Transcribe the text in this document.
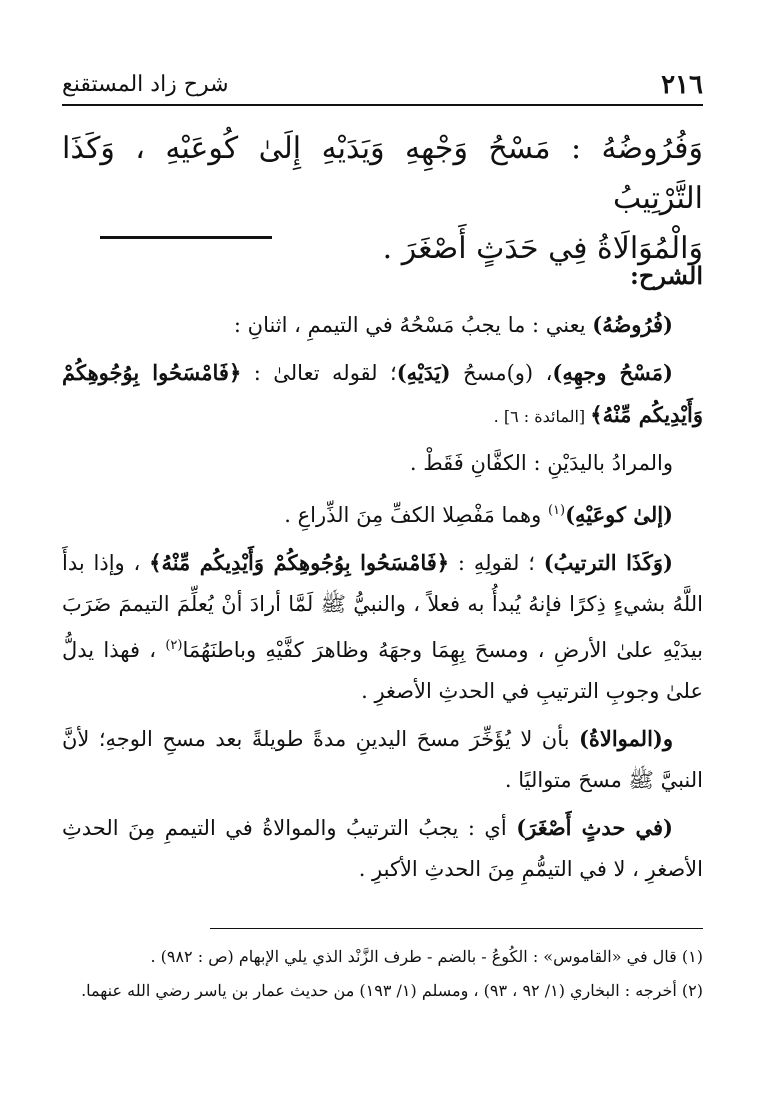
٢١٦
شرح زاد المستقنع

وَفُرُوضُهُ : مَسْحُ وَجْهِهِ وَيَدَيْهِ إِلَىٰ كُوعَيْهِ ، وَكَذَا التَّرْتِيبُ

وَالْمُوَالَاةُ فِي حَدَثٍ أَصْغَرَ .

الشرح:

(فُرُوضُهُ) يعني : ما يجبُ مَسْحُهُ في التيممِ ، اثنانِ :

(مَسْحُ وجهِهِ)، (و)مسحُ (يَدَيْهِ)؛ لقوله تعالىٰ : ﴿فَامْسَحُوا بِوُجُوهِكُمْ وَأَيْدِيكُم مِّنْهُ﴾ [المائدة : ٦] .

والمرادُ باليدَيْنِ : الكفَّانِ فَقَطْ .

(إلىٰ كوعَيْهِ)$^{(١)}$ وهما مَفْصِلا الكفِّ مِنَ الذِّراعِ .

(وَكَذَا الترتيبُ) ؛ لقولِهِ : ﴿فَامْسَحُوا بِوُجُوهِكُمْ وَأَيْدِيكُم مِّنْهُ﴾ ، وإذا بدأَ اللَّهُ بشيءٍ ذِكرًا فإنهُ يُبدأُ به فعلاً ، والنبيُّ ﷺ لَمَّا أرادَ أنْ يُعلِّمَ التيممَ ضَرَبَ بيدَيْهِ علىٰ الأرضِ ، ومسحَ بِهِمَا وجهَهُ وظاهرَ كفَّيْهِ وباطنَهُمَا$^{(٢)}$ ، فهذا يدلُّ علىٰ وجوبِ الترتيبِ في الحدثِ الأصغرِ .

و(الموالاةُ) بأن لا يُؤَخِّرَ مسحَ اليدينِ مدةً طويلةً بعد مسحِ الوجهِ؛ لأنَّ النبيَّ ﷺ مسحَ متواليًا .

(في حدثٍ أَصْغَرَ) أي : يجبُ الترتيبُ والموالاةُ في التيممِ مِنَ الحدثِ الأصغرِ ، لا في التيمُّمِ مِنَ الحدثِ الأكبرِ .

(١) قال في «القاموس» : الكُوعُ - بالضم - طرف الزَّنْد الذي يلي الإبهام (ص : ٩٨٢) .

(٢) أخرجه : البخاري (١/ ٩٢ ، ٩٣) ، ومسلم (١/ ١٩٣) من حديث عمار بن ياسر رضي الله عنهما.
